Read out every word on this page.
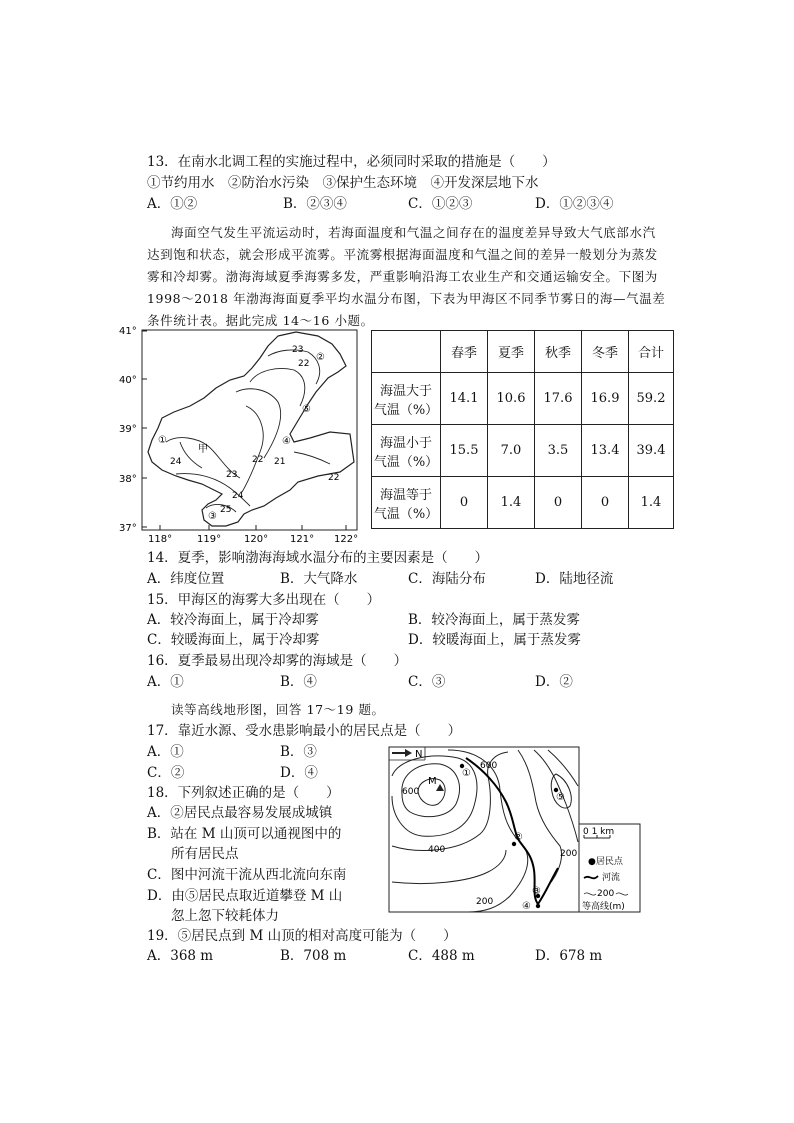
13．在南水北调工程的实施过程中，必须同时采取的措施是（　　）
①节约用水　②防治水污染　③保护生态环境　④开发深层地下水
A．①②	B．②③④	C．①②③	D．①②③④
海面空气发生平流运动时，若海面温度和气温之间存在的温度差异导致大气底部水汽
达到饱和状态，就会形成平流雾。平流雾根据海面温度和气温之间的差异一般划分为蒸发
雾和冷却雾。渤海海域夏季海雾多发，严重影响沿海工农业生产和交通运输安全。下图为
1998～2018 年渤海海面夏季平均水温分布图，下表为甲海区不同季节雾日的海—气温差
条件统计表。据此完成 14～16 小题。
41°
40°
39°
38°
37°
118° 119° 120° 121° 122°
23
22
22 21
24
23	22
24
25
甲
①
②
③
④
⑤
	春季	夏季	秋季	冬季	合计

海温大于
气温（%）	14.1	10.6	17.6	16.9	59.2

海温小于
气温（%）	15.5	7.0	3.5	13.4	39.4

海温等于
气温（%）	0	1.4	0	0	1.4
14．夏季，影响渤海海域水温分布的主要因素是（　　）
A．纬度位置	B．大气降水	C．海陆分布	D．陆地径流
15．甲海区的海雾大多出现在（　　）
A．较冷海面上，属于冷却雾	B．较冷海面上，属于蒸发雾
C．较暖海面上，属于冷却雾	D．较暖海面上，属于蒸发雾
16．夏季最易出现冷却雾的海域是（　　）
A．①	B．④	C．③	D．②
读等高线地形图，回答 17～19 题。
17．靠近水源、受水患影响最小的居民点是（　　）
A．①	B．③
C．②	D．④
18．下列叙述正确的是（　　）
A．②居民点最容易发展成城镇
B．站在 M 山顶可以通视图中的
所有居民点
C．图中河流干流从西北流向东南
D．由⑤居民点取近道攀登 M 山
忽上忽下较耗体力
N
M
600
600
400	200
200
①
②
③
④
⑤
0 1 km
●居民点
河流
200
等高线(m)
19．⑤居民点到 M 山顶的相对高度可能为（　　）
A．368 m	B．708 m	C．488 m	D．678 m
